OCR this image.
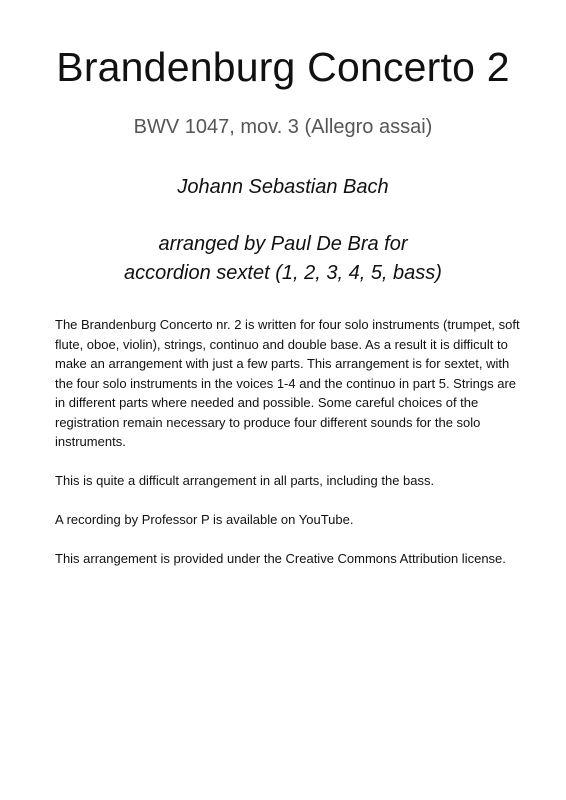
Brandenburg Concerto 2
BWV 1047, mov. 3 (Allegro assai)
Johann Sebastian Bach
arranged by Paul De Bra for
accordion sextet (1, 2, 3, 4, 5, bass)

The Brandenburg Concerto nr. 2 is written for four solo instruments (trumpet, soft flute, oboe, violin), strings, continuo and double base. As a result it is difficult to make an arrangement with just a few parts. This arrangement is for sextet, with the four solo instruments in the voices 1-4 and the continuo in part 5. Strings are in different parts where needed and possible. Some careful choices of the registration remain necessary to produce four different sounds for the solo instruments.

This is quite a difficult arrangement in all parts, including the bass.

A recording by Professor P is available on YouTube.

This arrangement is provided under the Creative Commons Attribution license.
